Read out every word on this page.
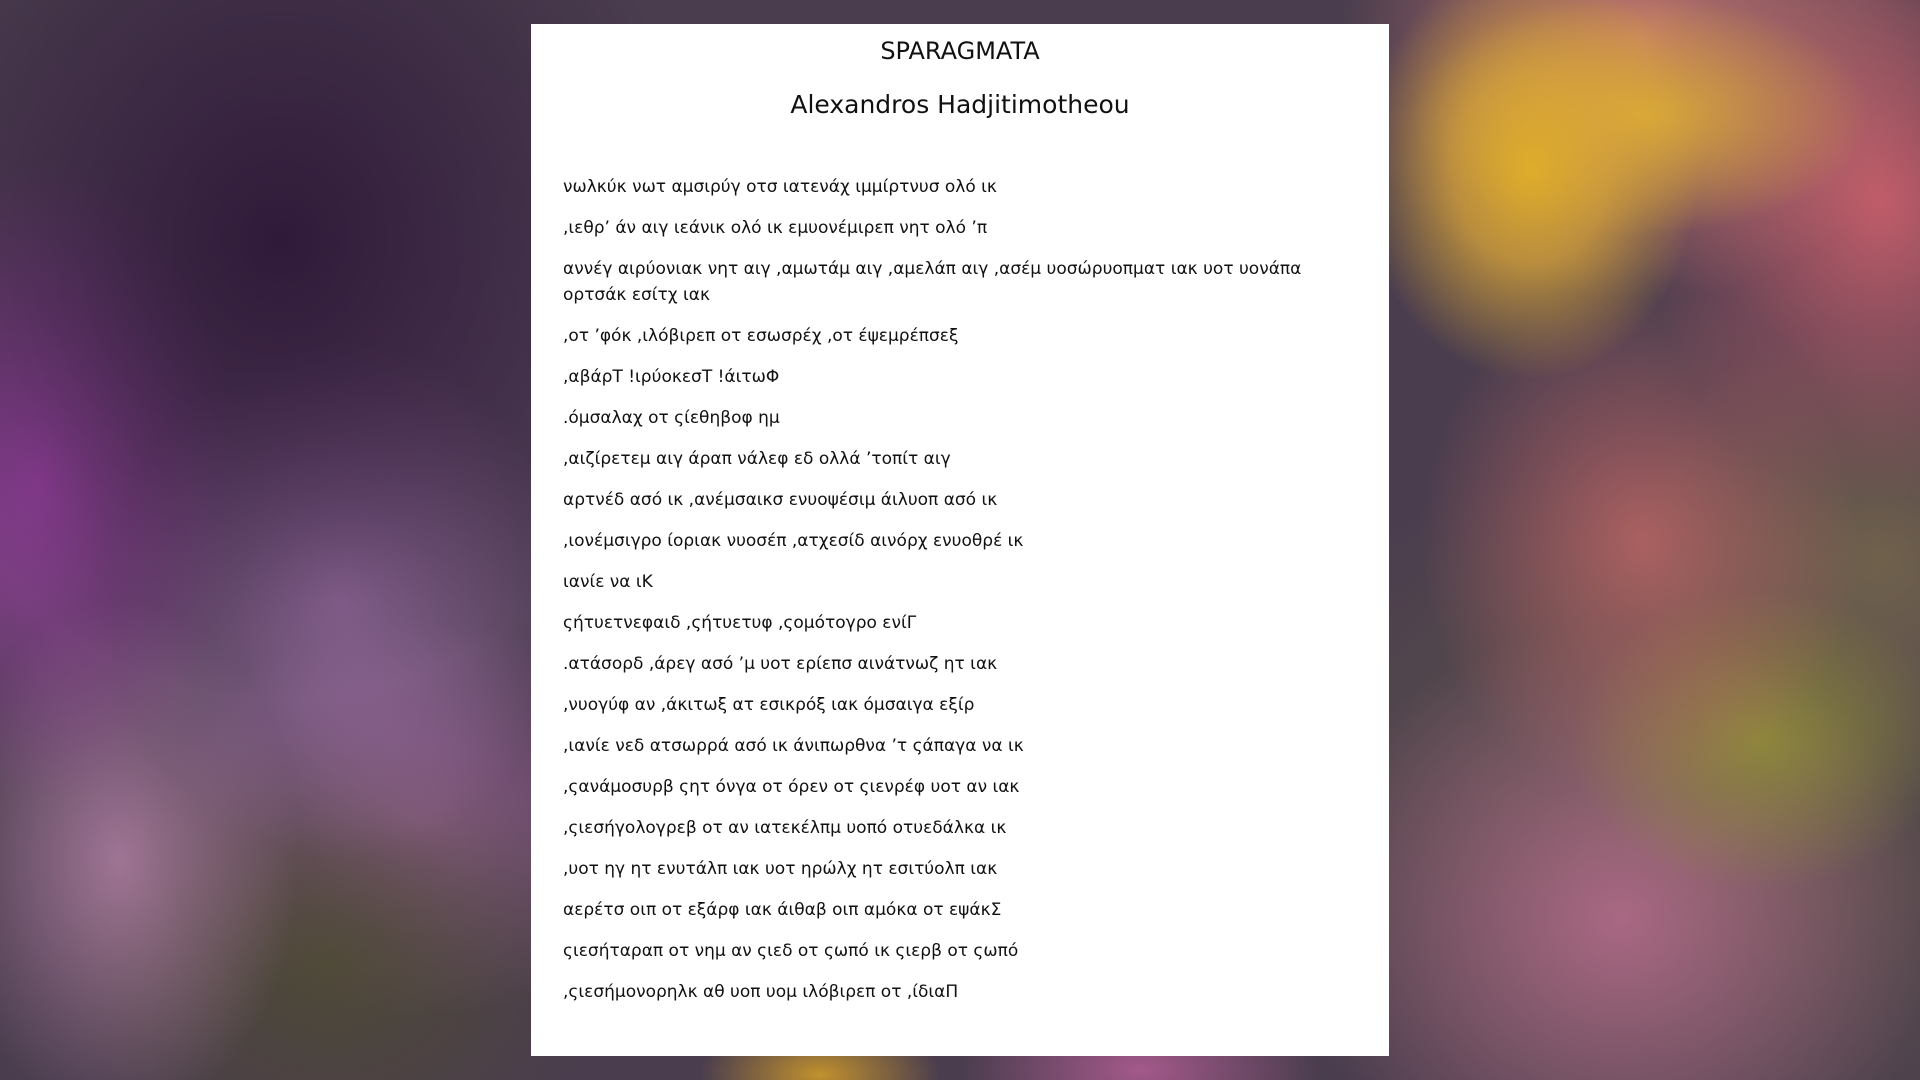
SPARAGMATA
Alexandros Hadjitimotheou

νωλκύκ νωτ αμσιρύγ οτσ ιατενάχ ιμμίρτνυσ ολό ικ

,ιεθρ’ άν αιγ ιεάνικ ολό ικ εμυονέμιρεπ νητ ολό ’π

αννέγ αιρύονιακ νητ αιγ ,αμωτάμ αιγ ,αμελάπ αιγ ,ασέμ υοσώρυοπματ ιακ υοτ υονάπα ορτσάκ εσίτχ ιακ

,οτ ’φόκ ,ιλόβιρεπ οτ εσωσρέχ ,οτ έψεμρέπσεξ

,αβάρΤ !ιρύοκεσΤ !άιτωΦ

.όμσαλαχ οτ ςίεθηβοφ ημ

,αιζίρετεμ αιγ άραπ νάλεφ εδ ολλά ’τοπίτ αιγ

αρτνέδ ασό ικ ,ανέμσαικσ ενυοψέσιμ άιλυοπ ασό ικ

,ιονέμσιγρο ίοριακ νυοσέπ ,ατχεσίδ αινόρχ ενυοθρέ ικ

ιανίε να ιΚ

ςήτυετνεφαιδ ,ςήτυετυφ ,ςομότογρο ενίΓ

.ατάσορδ ,άρεγ ασό ’μ υοτ ερίεπσ αινάτνωζ ητ ιακ

,νυογύφ αν ,άκιτωξ ατ εσικρόξ ιακ όμσαιγα εξίρ

,ιανίε νεδ ατσωρρά ασό ικ άνιπωρθνα ’τ ςάπαγα να ικ

,ςανάμοσυρβ ςητ όνγα οτ όρεν οτ ςιενρέφ υοτ αν ιακ

,ςιεσήγολογρεβ οτ αν ιατεκέλπμ υοπό οτυεδάλκα ικ

,υοτ ηγ ητ ενυτάλπ ιακ υοτ ηρώλχ ητ εσιτύολπ ιακ

αερέτσ οιπ οτ εξάρφ ιακ άιθαβ οιπ αμόκα οτ εψάκΣ

ςιεσήταραπ οτ νημ αν ςιεδ οτ ςωπό ικ ςιερβ οτ ςωπό

,ςιεσήμονορηλκ αθ υοπ υομ ιλόβιρεπ οτ ,ίδιαΠ
